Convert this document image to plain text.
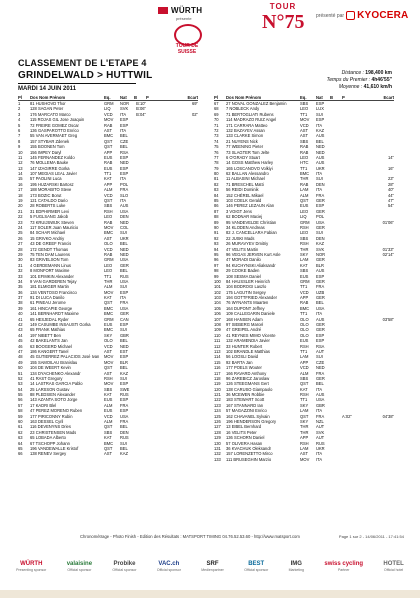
WÜRTH
présente
TOUR DE SUISSE
TOUR
N°75 présenté par KYOCERA
CLASSEMENT DE L'ETAPE 4
GRINDELWALD > HUTTWIL
MARDI 14 JUIN 2011
Distance : 198,400 km
Temps du Premier : 4h46'55"
Moyenne : 41,610 km/h
Pl	Dos Nom Prénom	Eq.	Nat	B	P	Ecart
1	81 HUSHOVD Thor	GRM	NOR	B:10"	69"
2	128 SAGAN Peter	LIQ	SVK	B:06"
3	176 MARCATO Marco	VCD	ITA	B:04"	02"
4	115 ROJAS GIL Jose Joaquin	MOV	ESP
5	72 FREIRE GOMEZ Oscar	RAB	ESP
6	136 GASPAROTTO Enrico	AST	ITA
7	55 VAN AVERMAET Greg	BMC	BEL
8	157 STYBAR Zdenek	QST	CZE
9	155 BOONEN Tom	QST	BEL
10	156 IMPEY Daryl	APP	RSA
11	145 FERNANDEZ Koldo	EUS	ESP
12	76 MOLLEMA Bauke	RAB	NED
13	147 IZAGIRRE Gorka	EUS	ESP
14	107 MEGIAS LEAL Javier	TT1	ESP
15	57 PAOLINI Luca	KAT	ITA
16	195 HUZARSKI Bartosz	APP	POL
17	188 MORABITO Steve	ALM	FRA
18	173 BOZIC Borut	VCD	SLO
19	121 CATALDO Dario	QST	ITA
20	28 ROBERTS Luke	SBS	AUS
21	31 EDPHIRMER Levi	RSH	USA
22	5 FUGLSANG Jakob	LEO	DEN
23	73 KRUIJSWIJK Steven	RAB	NED
24	117 SOLER Juan Mauricio	MOV	COL
25	84 SCHAR Michael	BMC	SUI
26	15 GRIVKO Andriy	AST	UKR
27	43 DE GREEF Francis	OLO	BEL
28	172 GENDT Thomas	VCD	NED
29	75 TEN DAM Laurens	RAB	NED
30	83 GRIVELSON Tom	GRM	USA
31	4 GERDEMANN Linus	LEO	GER
32	8 MONFORT Maxime	LEO	BEL
33	101 EFIMKIN Alexander	TT1	RUS
34	9 VAN GARDEREN Tejay	THR	USA
35	181 ELMIGER Martin	ALM	SUI
36	134 VENTOSO Francisco	MOV	ESP
37	91 DI LUCA Danilo	KAT	ITA
38	61 PINEAU Jerome	QST	FRA
39	161 HINCAPIE George	BMC	USA
40	141 BERNHARDT Maxime	BMC	GER
41	65 HESJEDAL Ryder	GRM	CAN
42	149 CASUMBE INSAUSTI Gorka	EUS	ESP
43	65 FRANK Mathias	BMC	SUI
44	197 NIBETT Ben	SKY	GBR
45	42 BAKELANTS Jan	OLO	BEL
46	63 BOOGERD Michael	VCD	NED
47	186 KANGERT Tanel	AST	EST
48	45 GUTIERREZ PALACIOS José Ivan	MOV	ESP
49	155 SAMOILAU Branislau	MOV	BLR
50	104 DE WEERT Kevin	QST	BEL
51	134 DYACHENKO Alexandr	AST	KAZ
52	41 RAST Gregory	RSH	SUI
53	14 LASTRAS GARCIA Pablo	MOV	ESP
54	25 LARSSON Gustav	SBS	SWE
55	88 PLEDSIEN Alexander	KAT	RUS
56	143 AZANTA SOTO Jorge	EUS	ESP
57	17 KADRI Blel	ALM	FRA
58	47 PEREZ MORENO Ruben	EUS	ESP
59	177 PIRICONNY Rubin	VCD	USA
60	163 DESSEL Cyril	ALM	FRA
61	116 DEVENYNS Dries	QST	BEL
62	23 CHRISTENSEN Mads	SBS	DEN
63	65 LOBADA Alberto	KAT	RUS
64	67 TSCHOPP Johann	BMC	SUI
65	196 VANDEWALLE Kristof	QST	BEL
66	138 RENEV Sergey	AST	KAZ
Pl	Dos Nom Prénom	Eq.	Nat	B	P	Ecart
67	27 NOVAL GONZALEZ Benjamin	SBS	ESP
68	7 NOBLECK Andy	LEO	LUX
69	71 BERTOGLIATI Rubens	TT1	SUI
70	114 MADRAZO RUIZ Angel	MOV	ESP
71	171 CARRARA Matteo	VCD	ITA
72	132 BAZAYEV Assan	AST	KAZ
73	133 CLARKE Simon	AST	AUS
74	21 NUYENS Nick	SBS	BEL
75	77 WEENING Pieter	RAB	NED
76	73 SLAGTER Tom Jelte	RAB	NED
77	6 O'GRADY Stuart	LEO	AUS	14"
78	14 GOSS Matthew Harley	HTC	AUS
79	165 LOSCANOVO Volkiyi	TT1	UKR	16"
80	62 BALLAN Alessandro	BMC	ITA
81	11 ALBASINI Michael	THR	SUI	23"
82	71 BRESCHEL Matti	RAB	DEN	28"
83	56 REIDI Dominik	LAM	ITA	40"
84	152 CHÉREL Mikael	ALM	FRA	44"
85	103 COELK Gerald	QST	GER	47"
86	146 PEREZ LEZAUN Alan	EUS	ESP	54"
87	3 VOIGT Jens	LEO	GER
88	62 BODNAR Maciej	LIQ	POL
89	95 VANDEVELDE Christian	GRM	USA	01'06"
90	34 KLODEN Andreas	RSH	GER
91	82 J. CANCELLARA Fabian	LEO	SUI
92	22 JUSKI Mads	SBS	DEN
93	26 MURAVYEV Dmitriy	RSH	KAZ
94	47 VELITS Martin	THR	SVK	01'33"
95	96 VEGAS JERVEN Kurt Asle	SKY	NOR	02'14"
96	47 MORADI Danilo	LAM	GER
97	94 KUCHYNSKI Aliaksandr	KAT	BLR
98	29 COOKE Baden	SBS	AUS
99	108 SESMA Daniel	EUS	ESP
100	84 HAUSSLER Heinrich	GRM	GER
101	104 BODROGI Laszlo	TT1	FRA
102	175 LAGUTIN Sergey	VCD	UZB
103	194 GOTTFRIED Alexander	APP	GER
104	76 WYNANTS Maarten	RAB	BEL
105	164 DUPONT Jeffrey	BMC	USA
106	109 CALLEGARIN Daniele	TT1	ITA
107	168 HANSEN Adam	OLO	AUS	03'58"
108	97 SIEBERG Marcel	OLO	GER
109	47 GREIPEL André	OLO	GER
110	41 REYNES MIMO Vicente	OLO	ESP
111	132 ARAMENDIA Javier	EUS	ESP
112	33 HUNTER Robert	RSH	RSA
113	102 BRANDLE Matthias	TT1	AUT
114	56 LOOSLI David	LAM	SUI
115	92 BARTA Jan	APP	CZE
116	177 POELS Wouter	VCD	NED
117	166 RAVARD Anthony	ALM	FRA
118	96 ZAREBICZ Jaroslaw	SBS	GER
119	126 STEEGMANS Gert	QST	BEL
120	138 CARUSO Giampaolo	KAT	ITA
121	36 MCEWEN Robbie	RSH	AUS
122	183 STEWART Scott	TT1	USA
123	167 STANNARD Ian	SKY	GBR
124	57 MAGAZZINI Enrico	LAM	ITA
125	162 CHAVANEL Sylvain	QST	FRA	A:02"	04'38"
126	196 HENDERSON Gregory	SKY	NZL
127	13 EIBEL Bernhard	THR	AUT
128	16 VELITS Peter	THR	SVK
129	136 SCHORN Daniel	APP	AUT
130	57 OLIVERA Hasan	RSH	RUS
131	36 KVACHUK Oleksandr	LAM	UKR
132	157 LORENZETTO Mirco	AST	ITA
133	111 BRUSEGHIN Marzio	MOV	ITA
Chronométrage - Photo Finish - Edition des Résultats : MATSPORT TIMING 04.76.52.53.60 - http://www.matsport.com	Page 1 sur 2 - 14/06/2011 - 17:41:54
WÜRTH
Presenting sponsor
valaisine
Official sponsor
Probike
Official sponsor
VAC.ch
Official sponsor
SRF
Medienpartner
BEST
Official sponsor
IMG
Marketing
swiss cycling
Partner
HOTEL
Official hotel
